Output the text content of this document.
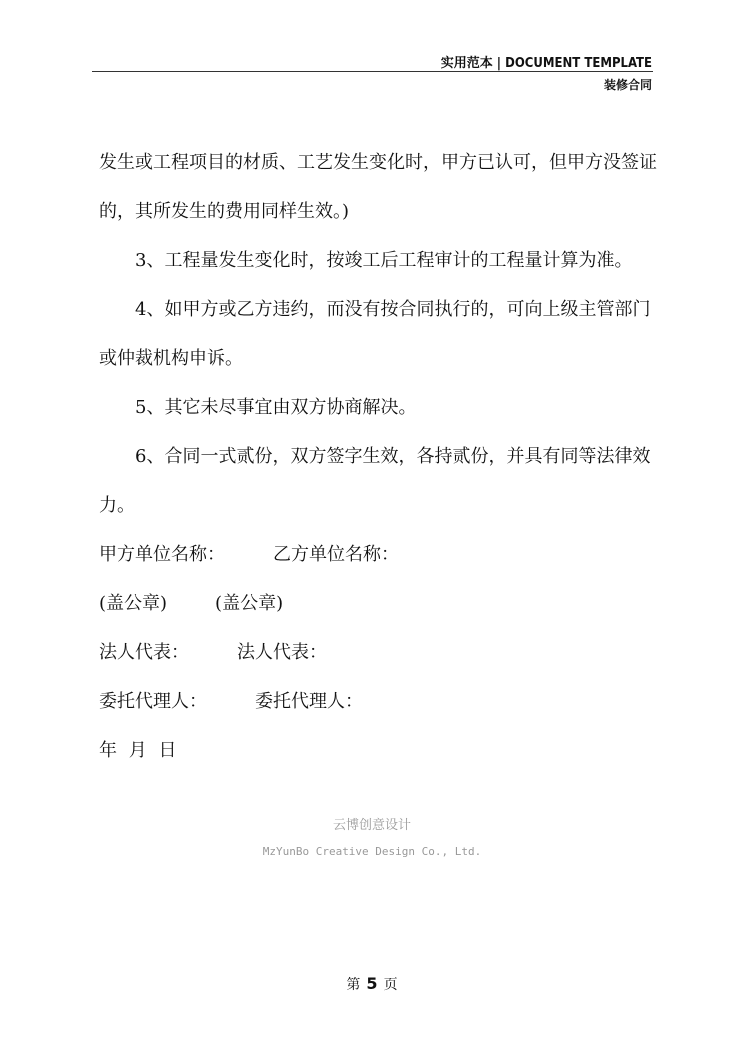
实用范本 | DOCUMENT TEMPLATE
装修合同

发生或工程项目的材质、工艺发生变化时，甲方已认可，但甲方没签证的，其所发生的费用同样生效。)

3、工程量发生变化时，按竣工后工程审计的工程量计算为准。

4、如甲方或乙方违约，而没有按合同执行的，可向上级主管部门或仲裁机构申诉。

5、其它未尽事宜由双方协商解决。

6、合同一式贰份，双方签字生效，各持贰份，并具有同等法律效力。

甲方单位名称：	乙方单位名称：

(盖公章)	(盖公章)

法人代表：	法人代表：

委托代理人：	委托代理人：

年 月 日

云博创意设计
MzYunBo Creative Design Co., Ltd.
第 5 页
